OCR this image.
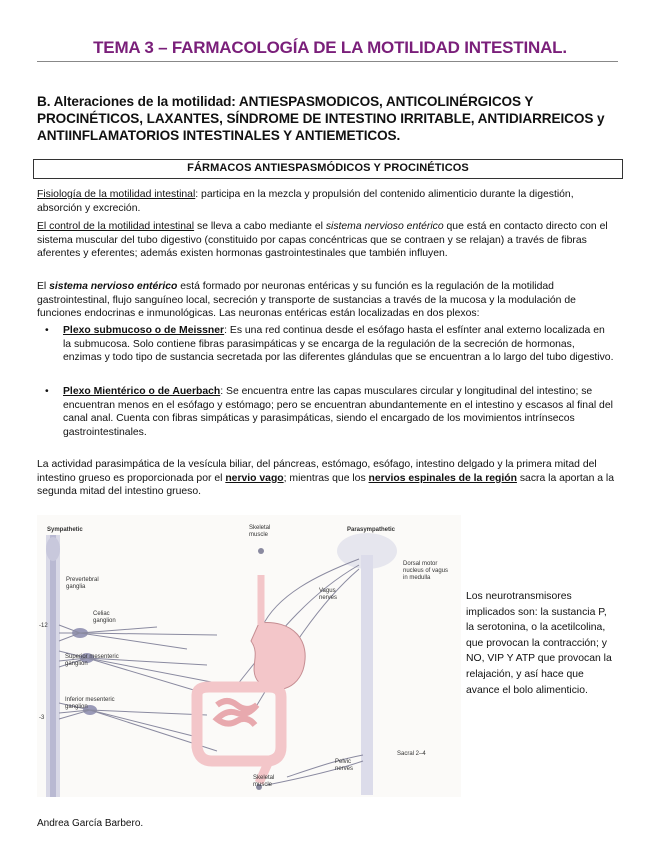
TEMA 3 – FARMACOLOGÍA DE LA MOTILIDAD INTESTINAL.
B. Alteraciones de la motilidad: ANTIESPASMODICOS, ANTICOLINÉRGICOS Y PROCINÉTICOS, LAXANTES, SÍNDROME DE INTESTINO IRRITABLE, ANTIDIARREICOS y ANTIINFLAMATORIOS INTESTINALES Y ANTIEMETICOS.
FÁRMACOS ANTIESPASMÓDICOS Y PROCINÉTICOS
Fisiología de la motilidad intestinal: participa en la mezcla y propulsión del contenido alimenticio durante la digestión, absorción y excreción.
El control de la motilidad intestinal se lleva a cabo mediante el sistema nervioso entérico que está en contacto directo con el sistema muscular del tubo digestivo (constituido por capas concéntricas que se contraen y se relajan) a través de fibras aferentes y eferentes; además existen hormonas gastrointestinales que también influyen.
El sistema nervioso entérico está formado por neuronas entéricas y su función es la regulación de la motilidad gastrointestinal, flujo sanguíneo local, secreción y transporte de sustancias a través de la mucosa y la modulación de funciones endocrinas e inmunológicas. Las neuronas entéricas están localizadas en dos plexos:
• Plexo submucoso o de Meissner: Es una red continua desde el esófago hasta el esfínter anal externo localizada en la submucosa. Solo contiene fibras parasimpáticas y se encarga de la regulación de la secreción de hormonas, enzimas y todo tipo de sustancia secretada por las diferentes glándulas que se encuentran a lo largo del tubo digestivo.
• Plexo Mientérico o de Auerbach: Se encuentra entre las capas musculares circular y longitudinal del intestino; se encuentran menos en el esófago y estómago; pero se encuentran abundantemente en el intestino y escasos al final del canal anal. Cuenta con fibras simpáticas y parasimpáticas, siendo el encargado de los movimientos intrínsecos gastrointestinales.
La actividad parasimpática de la vesícula biliar, del páncreas, estómago, esófago, intestino delgado y la primera mitad del intestino grueso es proporcionada por el nervio vago; mientras que los nervios espinales de la región sacra la aportan a la segunda mitad del intestino grueso.
Sympathetic	Parasympathetic
Prevertebral
ganglia
Celiac
ganglion
Superior mesenteric
ganglion
Inferior mesenteric
ganglion
-12
-3
Skeletal
muscle
Vagus
nerves
Dorsal motor
nucleus of vagus
in medulla
Pelvic
nerves
Sacral 2–4
Skeletal
muscle
Los neurotransmisores implicados son: la sustancia P, la serotonina, o la acetilcolina, que provocan la contracción; y NO, VIP Y ATP que provocan la relajación, y así hace que avance el bolo alimenticio.
Andrea García Barbero.
